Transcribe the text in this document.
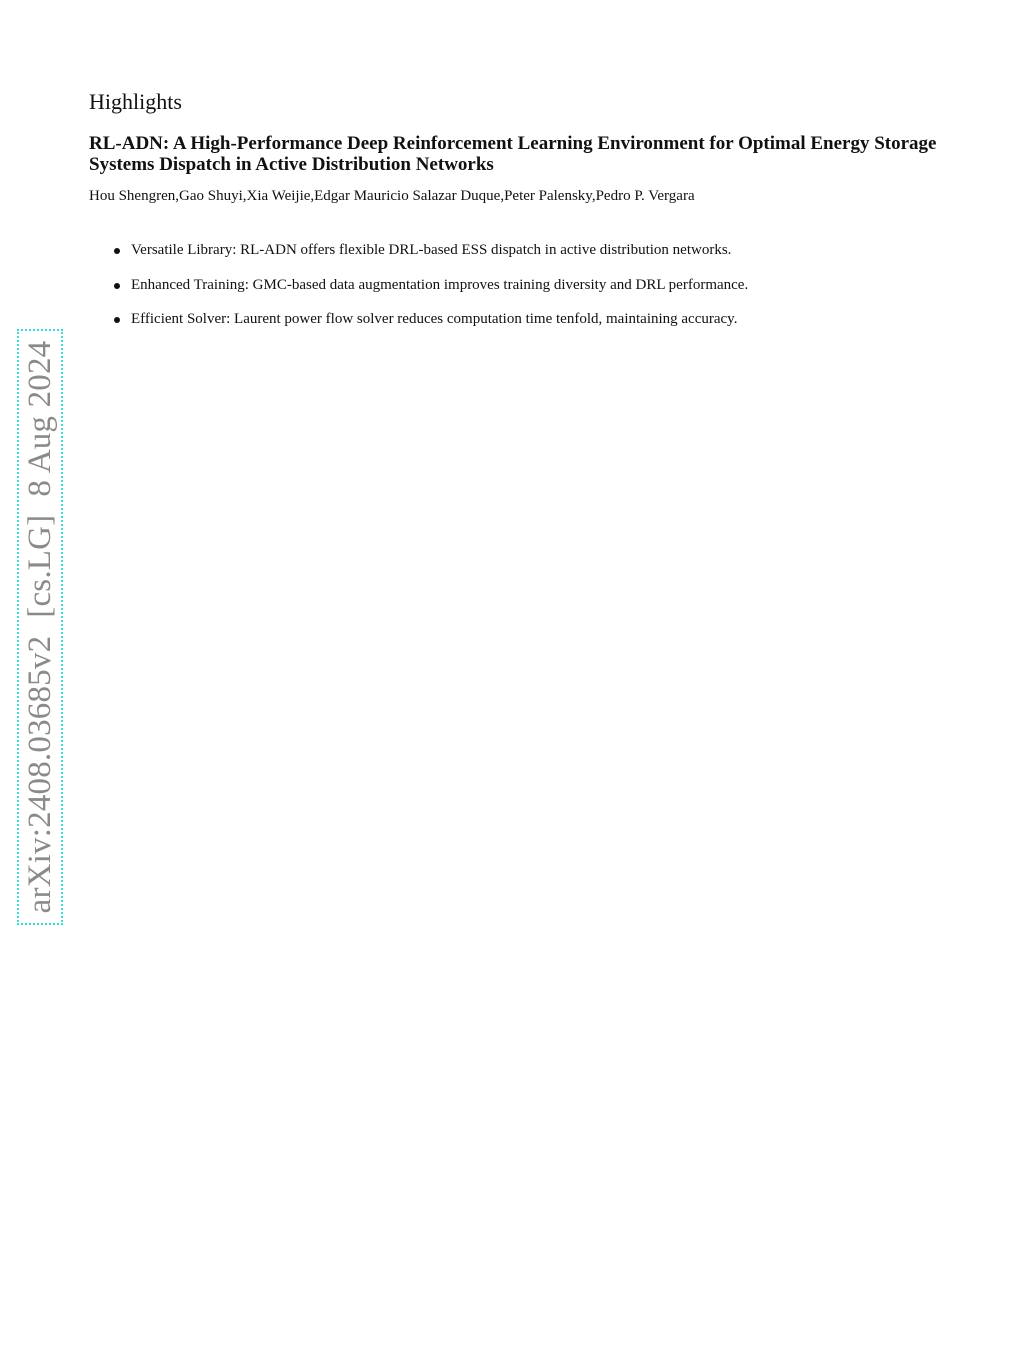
Highlights
RL-ADN: A High-Performance Deep Reinforcement Learning Environment for Optimal Energy Storage Systems Dispatch in Active Distribution Networks

Hou Shengren,Gao Shuyi,Xia Weijie,Edgar Mauricio Salazar Duque,Peter Palensky,Pedro P. Vergara

Versatile Library: RL-ADN offers flexible DRL-based ESS dispatch in active distribution networks.
Enhanced Training: GMC-based data augmentation improves training diversity and DRL performance.
Efficient Solver: Laurent power flow solver reduces computation time tenfold, maintaining accuracy.
arXiv:2408.03685v2[cs.LG]8 Aug 2024
